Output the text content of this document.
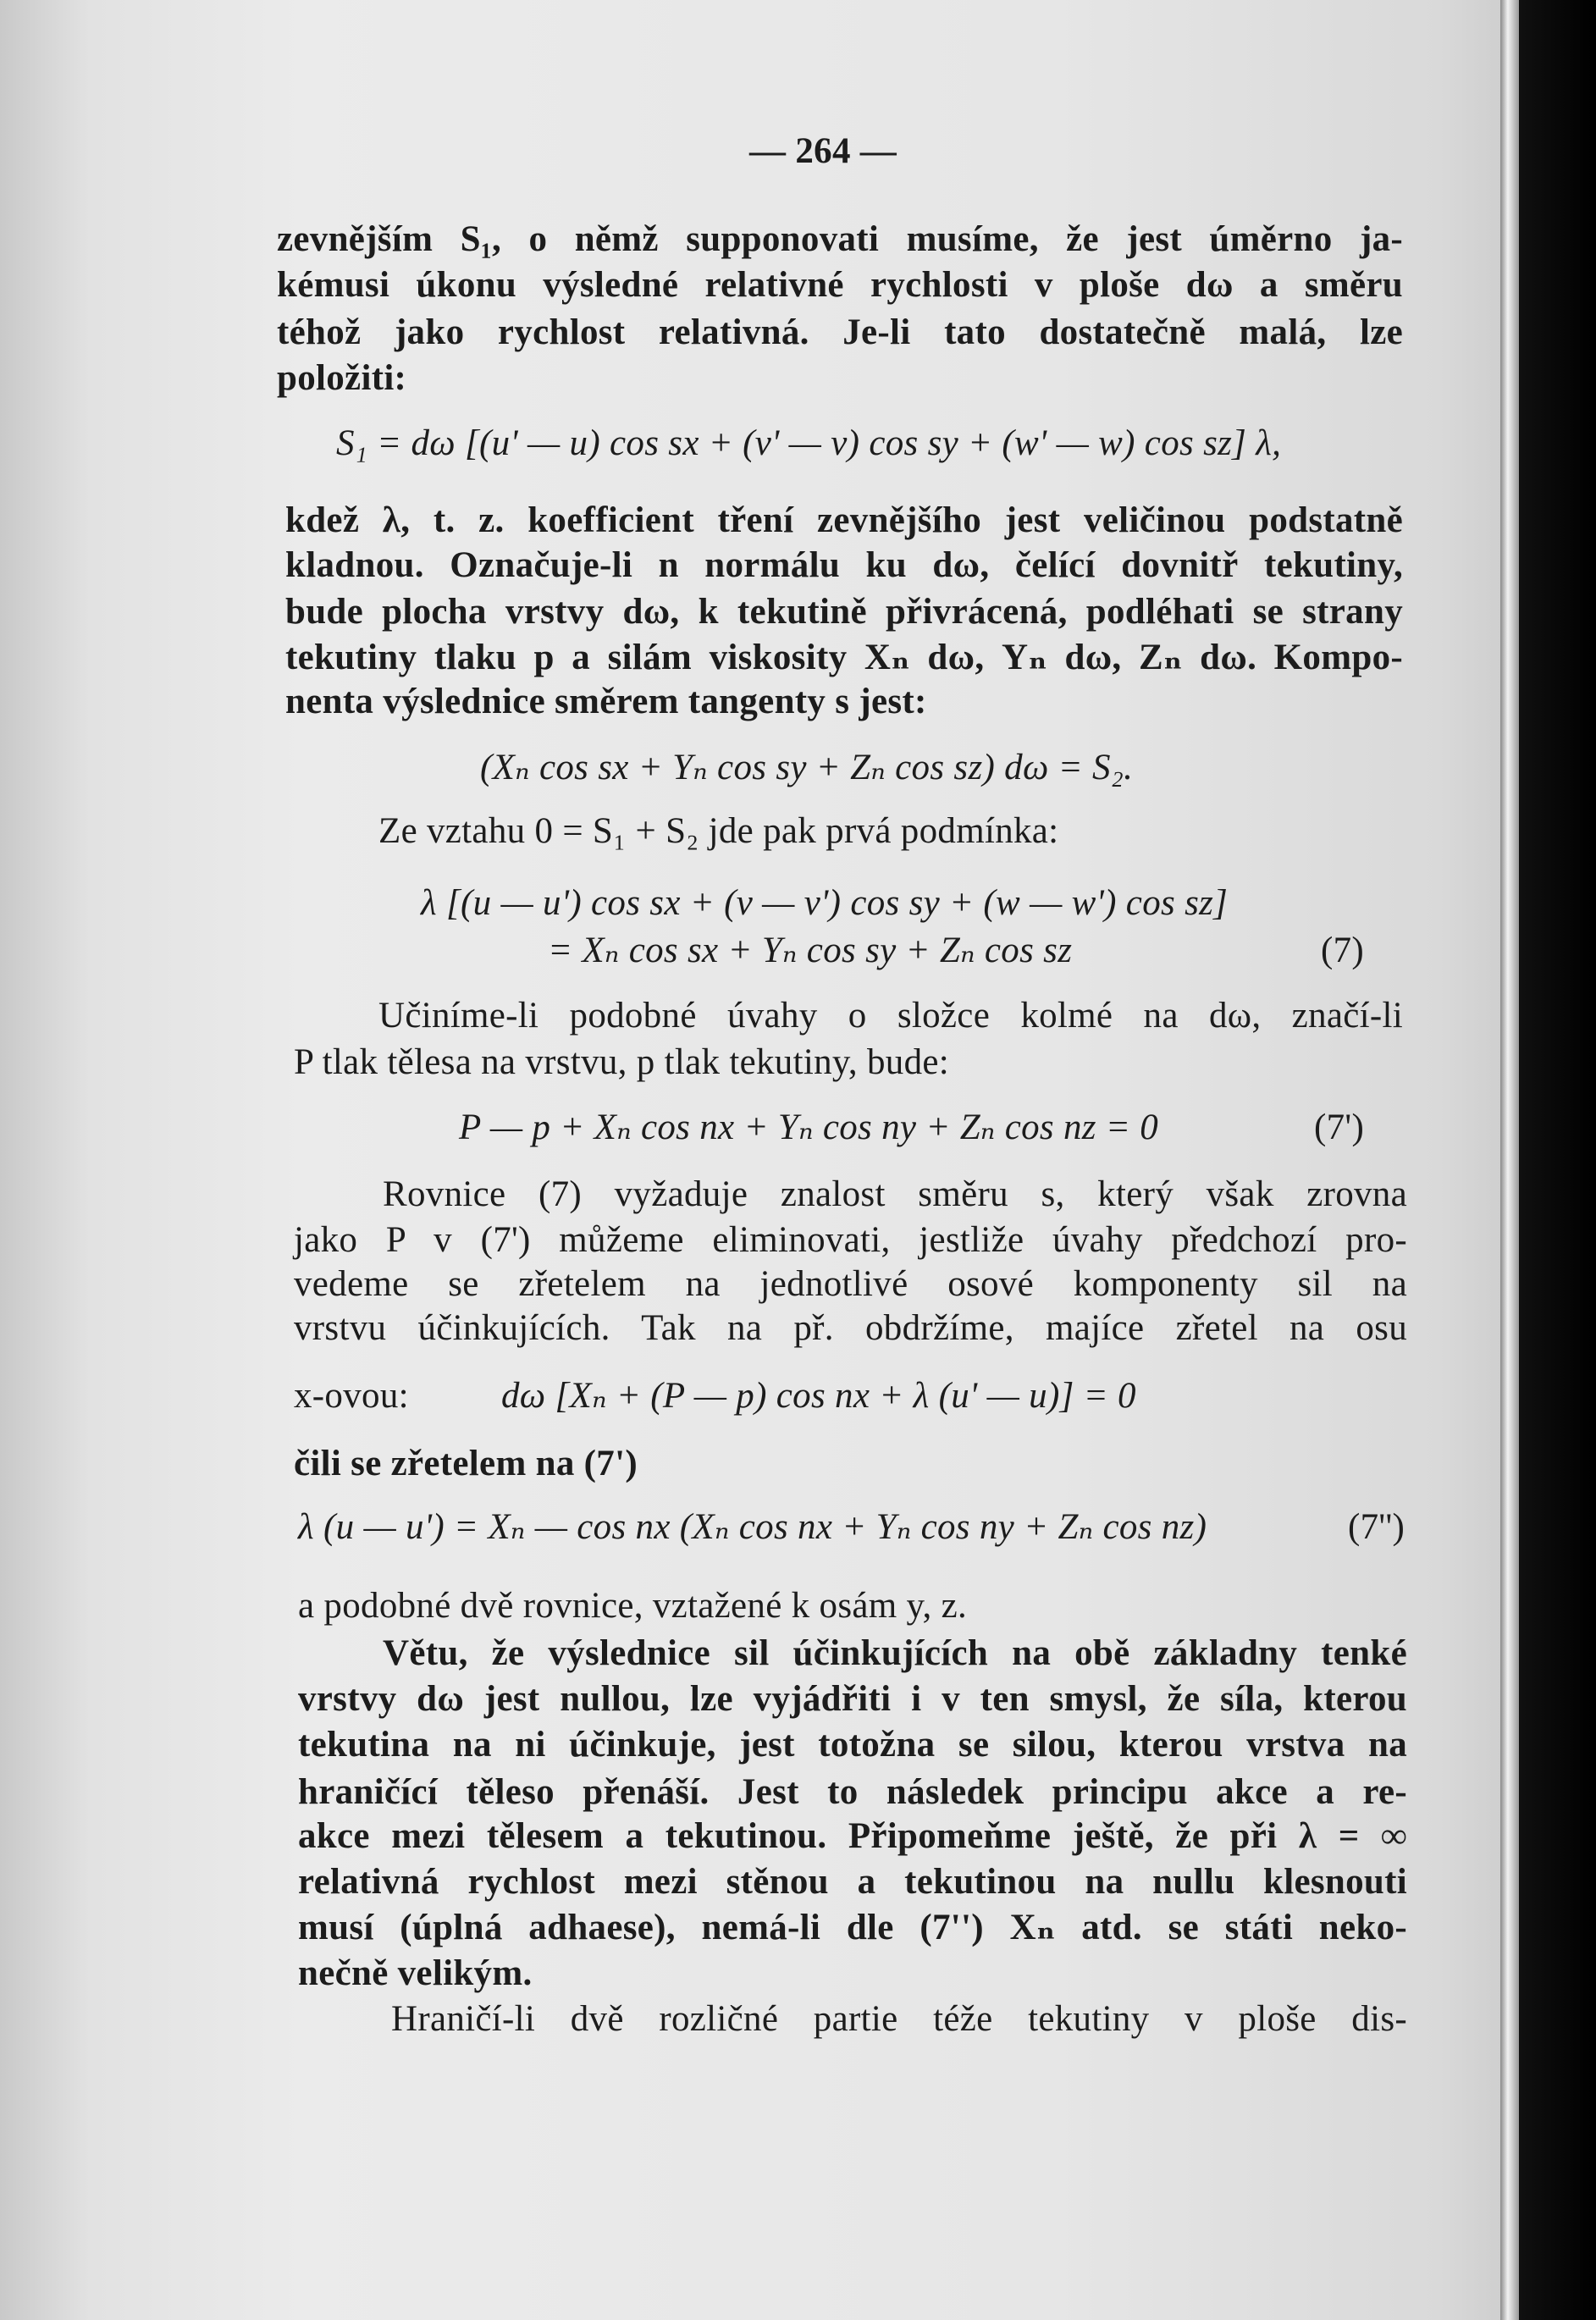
— 264 —
zevnějším S₁, o němž supponovati musíme, že jest úměrno ja-
kémusi úkonu výsledné relativné rychlosti v ploše dω a směru
téhož jako rychlost relativná. Je-li tato dostatečně malá, lze
položiti:
S₁ = dω [(u' — u) cos sx + (v' — v) cos sy + (w' — w) cos sz] λ,
kdež λ, t. z. koefficient tření zevnějšího jest veličinou podstatně
kladnou. Označuje-li n normálu ku dω, čelící dovnitř tekutiny,
bude plocha vrstvy dω, k tekutině přivrácená, podléhati se strany
tekutiny tlaku p a silám viskosity Xₙ dω, Yₙ dω, Zₙ dω. Kompo-
nenta výslednice směrem tangenty s jest:
(Xₙ cos sx + Yₙ cos sy + Zₙ cos sz) dω = S₂.
Ze vztahu 0 = S₁ + S₂ jde pak prvá podmínka:
λ [(u — u') cos sx + (v — v') cos sy + (w — w') cos sz]
= Xₙ cos sx + Yₙ cos sy + Zₙ cos sz	(7)
Učiníme-li podobné úvahy o složce kolmé na dω, značí-li
P tlak tělesa na vrstvu, p tlak tekutiny, bude:
P — p + Xₙ cos nx + Yₙ cos ny + Zₙ cos nz = 0	(7')
Rovnice (7) vyžaduje znalost směru s, který však zrovna
jako P v (7') můžeme eliminovati, jestliže úvahy předchozí pro-
vedeme se zřetelem na jednotlivé osové komponenty sil na
vrstvu účinkujících. Tak na př. obdržíme, majíce zřetel na osu
x-ovou:	dω [Xₙ + (P — p) cos nx + λ (u' — u)] = 0
čili se zřetelem na (7')
λ (u — u') = Xₙ — cos nx (Xₙ cos nx + Yₙ cos ny + Zₙ cos nz)	(7'')
a podobné dvě rovnice, vztažené k osám y, z.
Větu, že výslednice sil účinkujících na obě základny tenké
vrstvy dω jest nullou, lze vyjádřiti i v ten smysl, že síla, kterou
tekutina na ni účinkuje, jest totožna se silou, kterou vrstva na
hraničící těleso přenáší. Jest to následek principu akce a re-
akce mezi tělesem a tekutinou. Připomeňme ještě, že při λ = ∞
relativná rychlost mezi stěnou a tekutinou na nullu klesnouti
musí (úplná adhaese), nemá-li dle (7'') Xₙ atd. se státi neko-
nečně velikým.
Hraničí-li dvě rozličné partie téže tekutiny v ploše dis-
